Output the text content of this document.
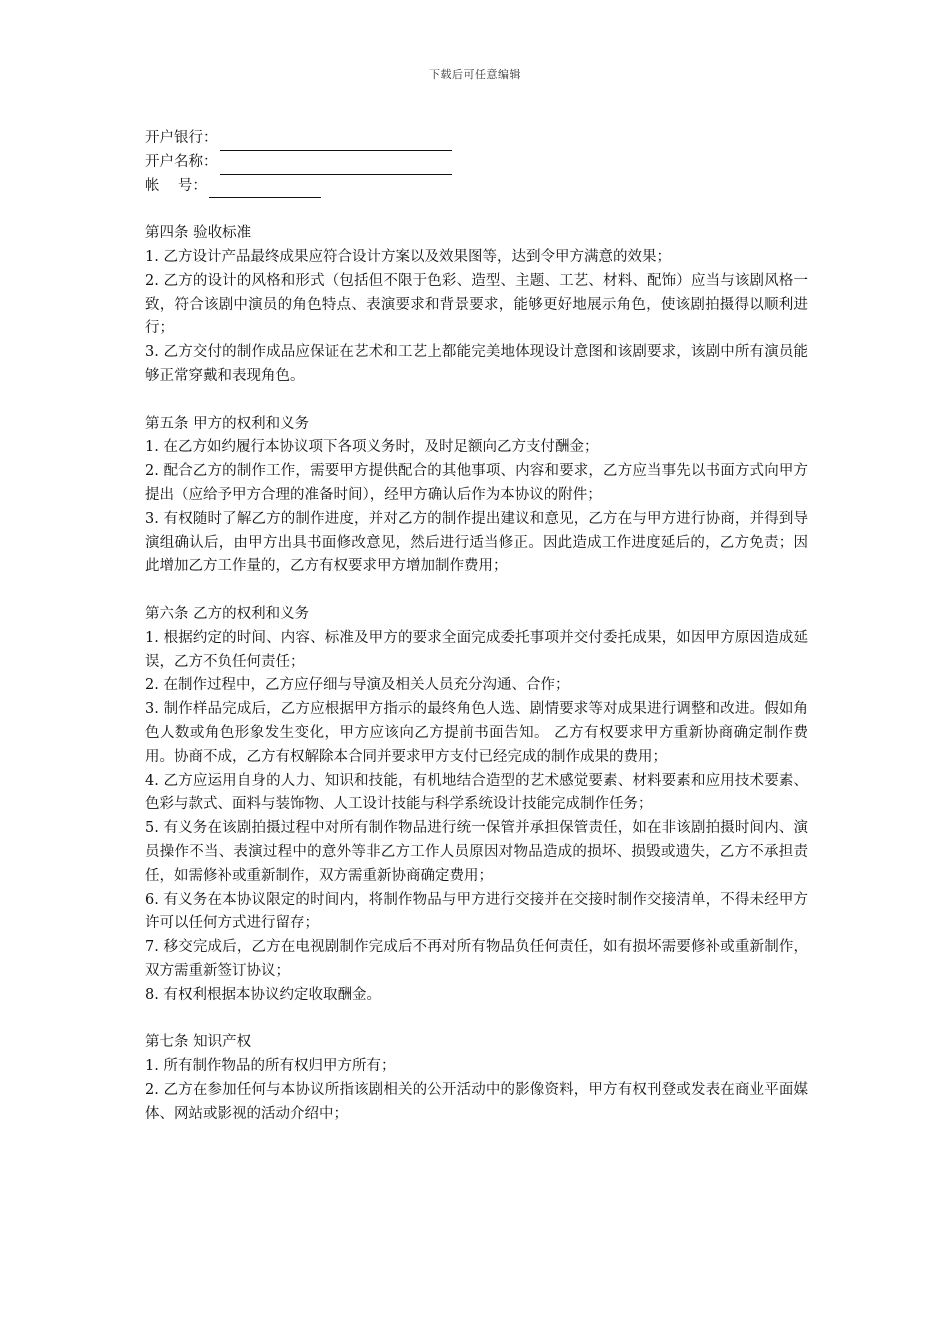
下载后可任意编辑
开户银行：
开户名称：
帐    号：

第四条 验收标准

1. 乙方设计产品最终成果应符合设计方案以及效果图等，达到令甲方满意的效果；

2. 乙方的设计的风格和形式（包括但不限于色彩、造型、主题、工艺、材料、配饰）应当与该剧风格一致，符合该剧中演员的角色特点、表演要求和背景要求，能够更好地展示角色，使该剧拍摄得以顺利进行；

3. 乙方交付的制作成品应保证在艺术和工艺上都能完美地体现设计意图和该剧要求，该剧中所有演员能够正常穿戴和表现角色。

第五条 甲方的权利和义务

1. 在乙方如约履行本协议项下各项义务时，及时足额向乙方支付酬金；

2. 配合乙方的制作工作，需要甲方提供配合的其他事项、内容和要求，乙方应当事先以书面方式向甲方提出（应给予甲方合理的准备时间），经甲方确认后作为本协议的附件；

3. 有权随时了解乙方的制作进度，并对乙方的制作提出建议和意见，乙方在与甲方进行协商，并得到导演组确认后，由甲方出具书面修改意见，然后进行适当修正。因此造成工作进度延后的，乙方免责；因此增加乙方工作量的，乙方有权要求甲方增加制作费用；

第六条 乙方的权利和义务

1. 根据约定的时间、内容、标准及甲方的要求全面完成委托事项并交付委托成果，如因甲方原因造成延误，乙方不负任何责任；

2. 在制作过程中，乙方应仔细与导演及相关人员充分沟通、合作；

3. 制作样品完成后，乙方应根据甲方指示的最终角色人选、剧情要求等对成果进行调整和改进。假如角色人数或角色形象发生变化，甲方应该向乙方提前书面告知。 乙方有权要求甲方重新协商确定制作费用。协商不成，乙方有权解除本合同并要求甲方支付已经完成的制作成果的费用；

4. 乙方应运用自身的人力、知识和技能，有机地结合造型的艺术感觉要素、材料要素和应用技术要素、色彩与款式、面料与装饰物、人工设计技能与科学系统设计技能完成制作任务；

5. 有义务在该剧拍摄过程中对所有制作物品进行统一保管并承担保管责任，如在非该剧拍摄时间内、演员操作不当、表演过程中的意外等非乙方工作人员原因对物品造成的损坏、损毁或遗失，乙方不承担责任，如需修补或重新制作，双方需重新协商确定费用；

6. 有义务在本协议限定的时间内，将制作物品与甲方进行交接并在交接时制作交接清单，不得未经甲方许可以任何方式进行留存；

7. 移交完成后，乙方在电视剧制作完成后不再对所有物品负任何责任，如有损坏需要修补或重新制作，双方需重新签订协议；

8. 有权利根据本协议约定收取酬金。

第七条 知识产权

1. 所有制作物品的所有权归甲方所有；

2. 乙方在参加任何与本协议所指该剧相关的公开活动中的影像资料，甲方有权刊登或发表在商业平面媒体、网站或影视的活动介绍中；
